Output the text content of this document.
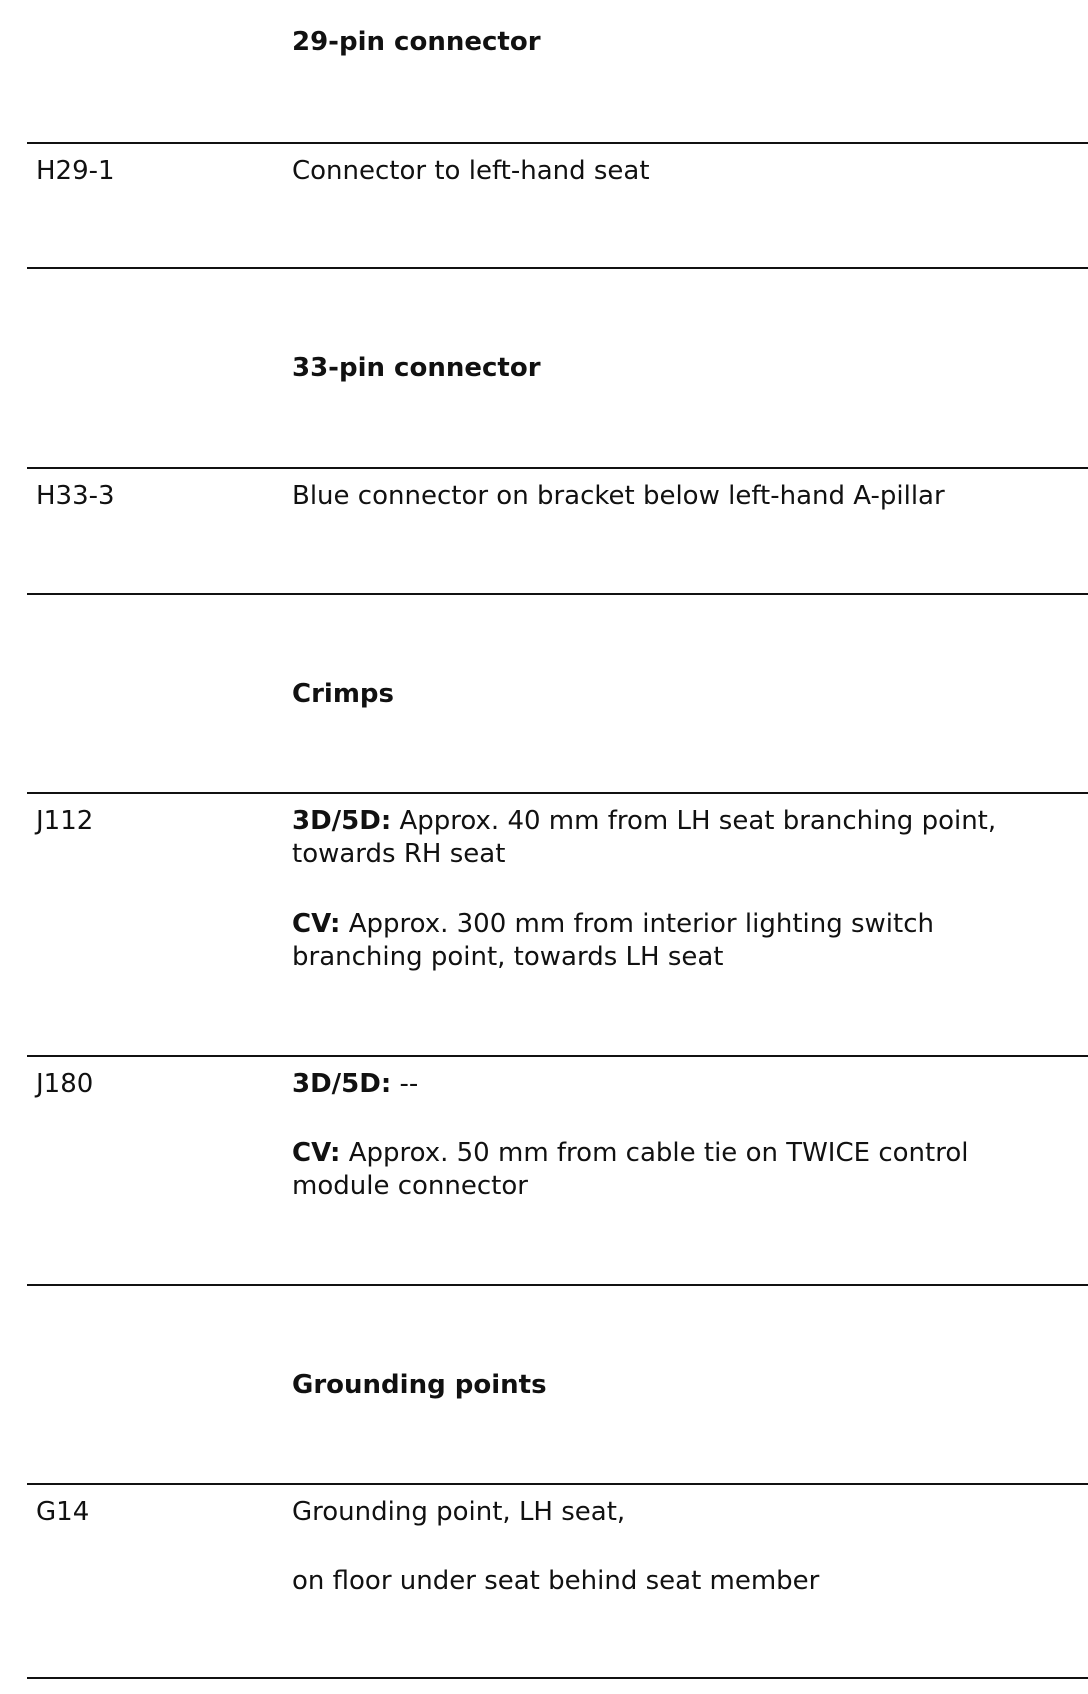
29-pin connector
H29-1	Connector to left-hand seat
33-pin connector
H33-3	Blue connector on bracket below left-hand A-pillar
Crimps
J112	3D/5D: Approx. 40 mm from LH seat branching point,
towards RH seat
CV: Approx. 300 mm from interior lighting switch
branching point, towards LH seat
J180	3D/5D: --
CV: Approx. 50 mm from cable tie on TWICE control
module connector
Grounding points
G14	Grounding point, LH seat,
on floor under seat behind seat member
